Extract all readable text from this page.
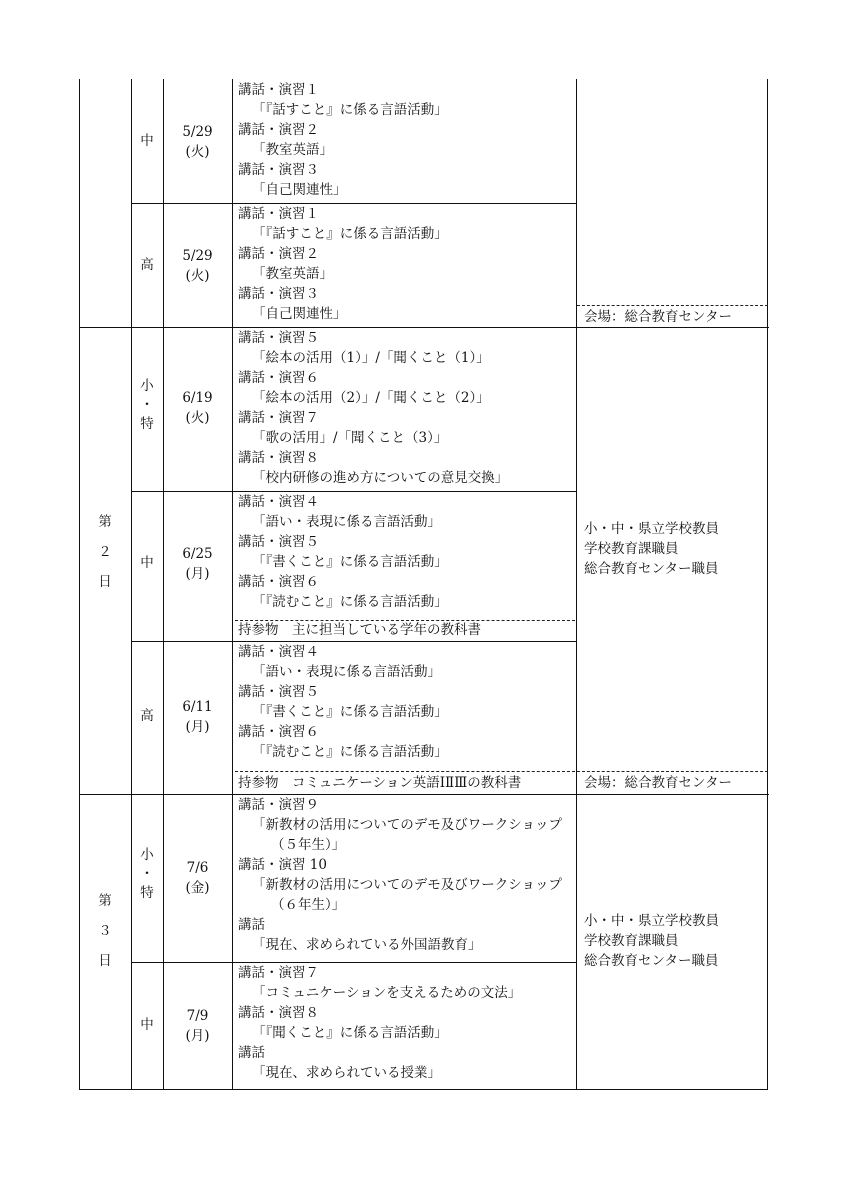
第
２
日
第
３
日
中
5/29
(火)
講話・演習１
「『話すこと』に係る言語活動」
講話・演習２
「教室英語」
講話・演習３
「自己関連性」
高
5/29
(火)
講話・演習１
「『話すこと』に係る言語活動」
講話・演習２
「教室英語」
講話・演習３
「自己関連性」	会場：総合教育センター
小
・
特
6/19
(火)
講話・演習５
「絵本の活用（1）」/「聞くこと（1）」
講話・演習６
「絵本の活用（2）」/「聞くこと（2）」
講話・演習７
「歌の活用」/「聞くこと（3）」
講話・演習８
「校内研修の進め方についての意見交換」
中
6/25
(月)
講話・演習４
「語い・表現に係る言語活動」
講話・演習５
「『書くこと』に係る言語活動」
講話・演習６
「『読むこと』に係る言語活動」
持参物　主に担当している学年の教科書
小・中・県立学校教員
学校教育課職員
総合教育センター職員
高
6/11
(月)
講話・演習４
「語い・表現に係る言語活動」
講話・演習５
「『書くこと』に係る言語活動」
講話・演習６
「『読むこと』に係る言語活動」
持参物　コミュニケーション英語ⅠⅡⅢの教科書	会場：総合教育センター
小
・
特
7/6
(金)
講話・演習９
「新教材の活用についてのデモ及びワークショップ
（５年生）」
講話・演習 10
「新教材の活用についてのデモ及びワークショップ
（６年生）」
講話
「現在、求められている外国語教育」
中
7/9
(月)
講話・演習７
「コミュニケーションを支えるための文法」
講話・演習８
「『聞くこと』に係る言語活動」
講話
「現在、求められている授業」
小・中・県立学校教員
学校教育課職員
総合教育センター職員
